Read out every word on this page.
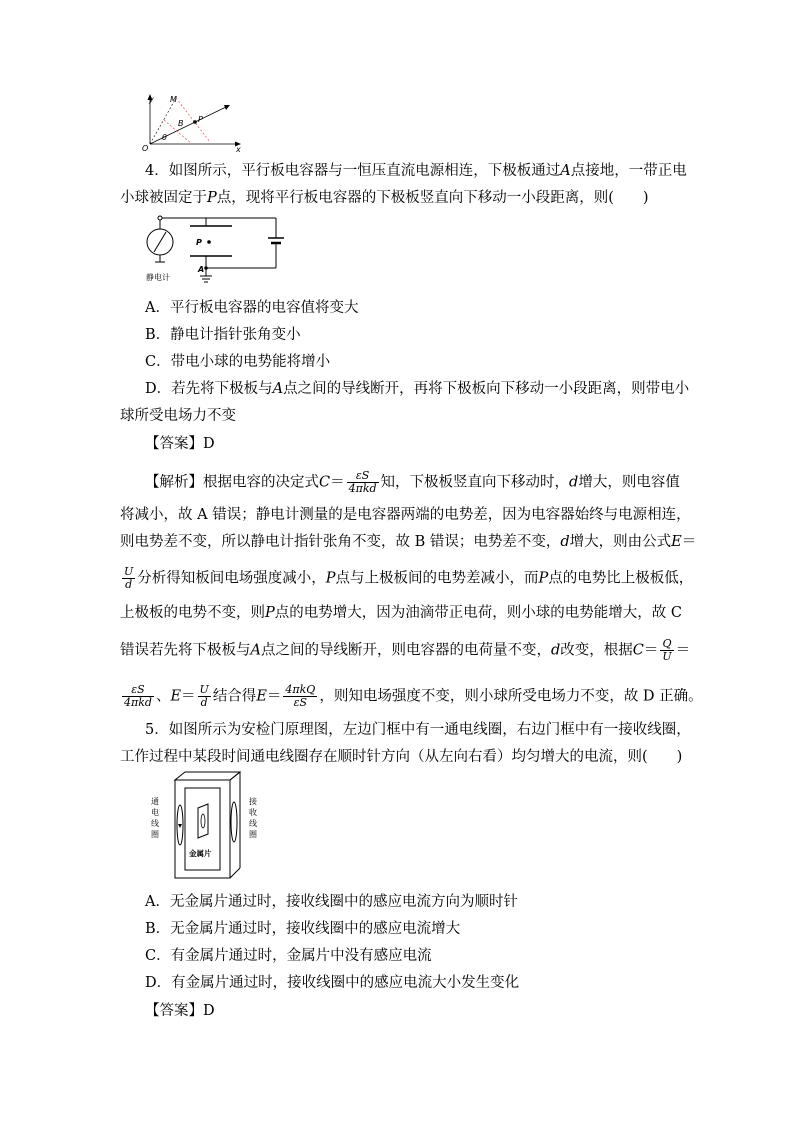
y
x
O
M
B P
θ
4．如图所示，平行板电容器与一恒压直流电源相连，下极板通过A点接地，一带正电
小球被固定于P点，现将平行板电容器的下极板竖直向下移动一小段距离，则(　　)
P
A
静电计
A．平行板电容器的电容值将变大
B．静电计指针张角变小
C．带电小球的电势能将增小
D．若先将下极板与A点之间的导线断开，再将下极板向下移动一小段距离，则带电小
球所受电场力不变
【答案】D
【解析】根据电容的决定式$C= \frac{\varepsilon S}{\text{4πkd}}$ 知，下极板竖直向下移动时，d增大，则电容值
将减小，故 A 错误；静电计测量的是电容器两端的电势差，因为电容器始终与电源相连，
则电势差不变，所以静电计指针张角不变，故 B 错误；电势差不变，d增大，则由公式E＝
$\frac{U}{d}$ 分析得知板间电场强度减小，P点与上极板间的电势差减小，而P点的电势比上极板低，
上极板的电势不变，则P点的电势增大，因为油滴带正电荷，则小球的电势能增大，故 C
错误若先将下极板与A点之间的导线断开，则电容器的电荷量不变，d改变，根据$C= \frac{Q}{U}$ ＝
$\frac{\varepsilon S}{\text{4πkd}}$ 、$E= \frac{U}{d}$ 结合得$E= \frac{\text{4πkQ}}{\varepsilon S}$ ，则知电场强度不变，则小球所受电场力不变，故 D 正确。
5．如图所示为安检门原理图，左边门框中有一通电线圈，右边门框中有一接收线圈，
工作过程中某段时间通电线圈存在顺时针方向（从左向右看）均匀增大的电流，则(　　)
金属片
通
电
线
圈
接
收
线
圈
A．无金属片通过时，接收线圈中的感应电流方向为顺时针
B．无金属片通过时，接收线圈中的感应电流增大
C．有金属片通过时，金属片中没有感应电流
D．有金属片通过时，接收线圈中的感应电流大小发生变化
【答案】D
